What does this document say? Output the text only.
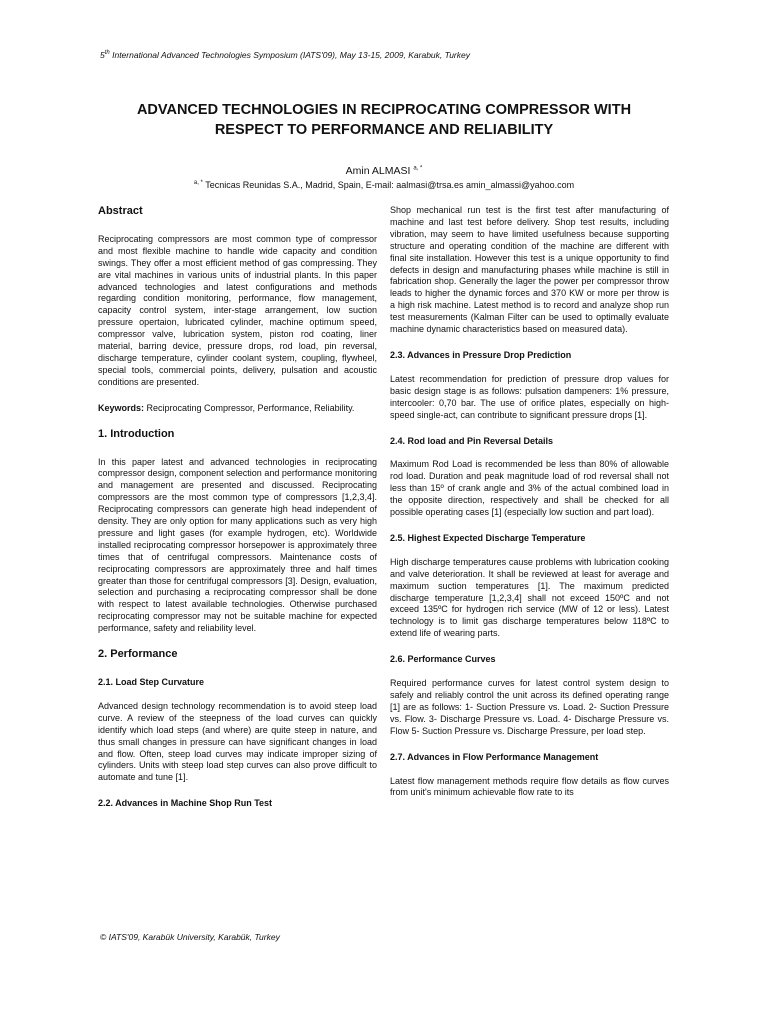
5th International Advanced Technologies Symposium (IATS'09), May 13-15, 2009, Karabuk, Turkey
ADVANCED TECHNOLOGIES IN RECIPROCATING COMPRESSOR WITH
RESPECT TO PERFORMANCE AND RELIABILITY
Amin ALMASI $^{a, *}$
$^{a, *}$ Tecnicas Reunidas S.A., Madrid, Spain, E-mail: aalmasi@trsa.es amin_almassi@yahoo.com
Abstract

Reciprocating compressors are most common type of compressor and most flexible machine to handle wide capacity and condition swings. They offer a most efficient method of gas compressing. They are vital machines in various units of industrial plants. In this paper advanced technologies and latest configurations and methods regarding condition monitoring, performance, flow management, capacity control system, inter-stage arrangement, low suction pressure opertaion, lubricated cylinder, machine optimum speed, compressor valve, lubrication system, piston rod coating, liner material, barring device, pressure drops, rod load, pin reversal, discharge temperature, cylinder coolant system, coupling, flywheel, special tools, commercial points, delivery, pulsation and acoustic conditions are presented.

Keywords: Reciprocating Compressor, Performance, Reliability.

1. Introduction

In this paper latest and advanced technologies in reciprocating compressor design, component selection and performance monitoring and management are presented and discussed. Reciprocating compressors are the most common type of compressors [1,2,3,4]. Reciprocating compressors can generate high head independent of density. They are only option for many applications such as very high pressure and light gases (for example hydrogen, etc). Worldwide installed reciprocating compressor horsepower is approximately three times that of centrifugal compressors. Maintenance costs of reciprocating compressors are approximately three and half times greater than those for centrifugal compressors [3]. Design, evaluation, selection and purchasing a reciprocating compressor shall be done with respect to latest available technologies. Otherwise purchased reciprocating compressor may not be suitable machine for expected performance, safety and reliability level.

2. Performance
2.1. Load Step Curvature

Advanced design technology recommendation is to avoid steep load curve. A review of the steepness of the load curves can quickly identify which load steps (and where) are quite steep in nature, and thus small changes in pressure can have significant changes in load and flow. Often, steep load curves may indicate improper sizing of cylinders. Units with steep load step curves can also prove difficult to automate and tune [1].

2.2. Advances in Machine Shop Run Test

Shop mechanical run test is the first test after manufacturing of machine and last test before delivery. Shop test results, including vibration, may seem to have limited usefulness because supporting structure and operating condition of the machine are different with final site installation. However this test is a unique opportunity to find defects in design and manufacturing phases while machine is still in fabrication shop. Generally the lager the power per compressor throw leads to higher the dynamic forces and 370 KW or more per throw is a high risk machine. Latest method is to record and analyze shop run test measurements (Kalman Filter can be used to optimally evaluate machine dynamic characteristics based on measured data).

2.3. Advances in Pressure Drop Prediction

Latest recommendation for prediction of pressure drop values for basic design stage is as follows: pulsation dampeners: 1% pressure, intercooler: 0,70 bar. The use of orifice plates, especially on high-speed single-act, can contribute to significant pressure drops [1].

2.4. Rod load and Pin Reversal Details

Maximum Rod Load is recommended be less than 80% of allowable rod load. Duration and peak magnitude load of rod reversal shall not less than 15º of crank angle and 3% of the actual combined load in the opposite direction, respectively and shall be checked for all possible operating cases [1] (especially low suction and part load).

2.5. Highest Expected Discharge Temperature

High discharge temperatures cause problems with lubrication cooking and valve deterioration. It shall be reviewed at least for average and maximum suction temperatures [1]. The maximum predicted discharge temperature [1,2,3,4] shall not exceed 150ºC and not exceed 135ºC for hydrogen rich service (MW of 12 or less). Latest technology is to limit gas discharge temperatures below 118ºC to extend life of wearing parts.

2.6. Performance Curves

Required performance curves for latest control system design to safely and reliably control the unit across its defined operating range [1] are as follows: 1- Suction Pressure vs. Load. 2- Suction Pressure vs. Flow. 3- Discharge Pressure vs. Load. 4- Discharge Pressure vs. Flow 5- Suction Pressure vs. Discharge Pressure, per load step.

2.7. Advances in Flow Performance Management

Latest flow management methods require flow details as flow curves from unit's minimum achievable flow rate to its

© IATS'09, Karabük University, Karabük, Turkey
